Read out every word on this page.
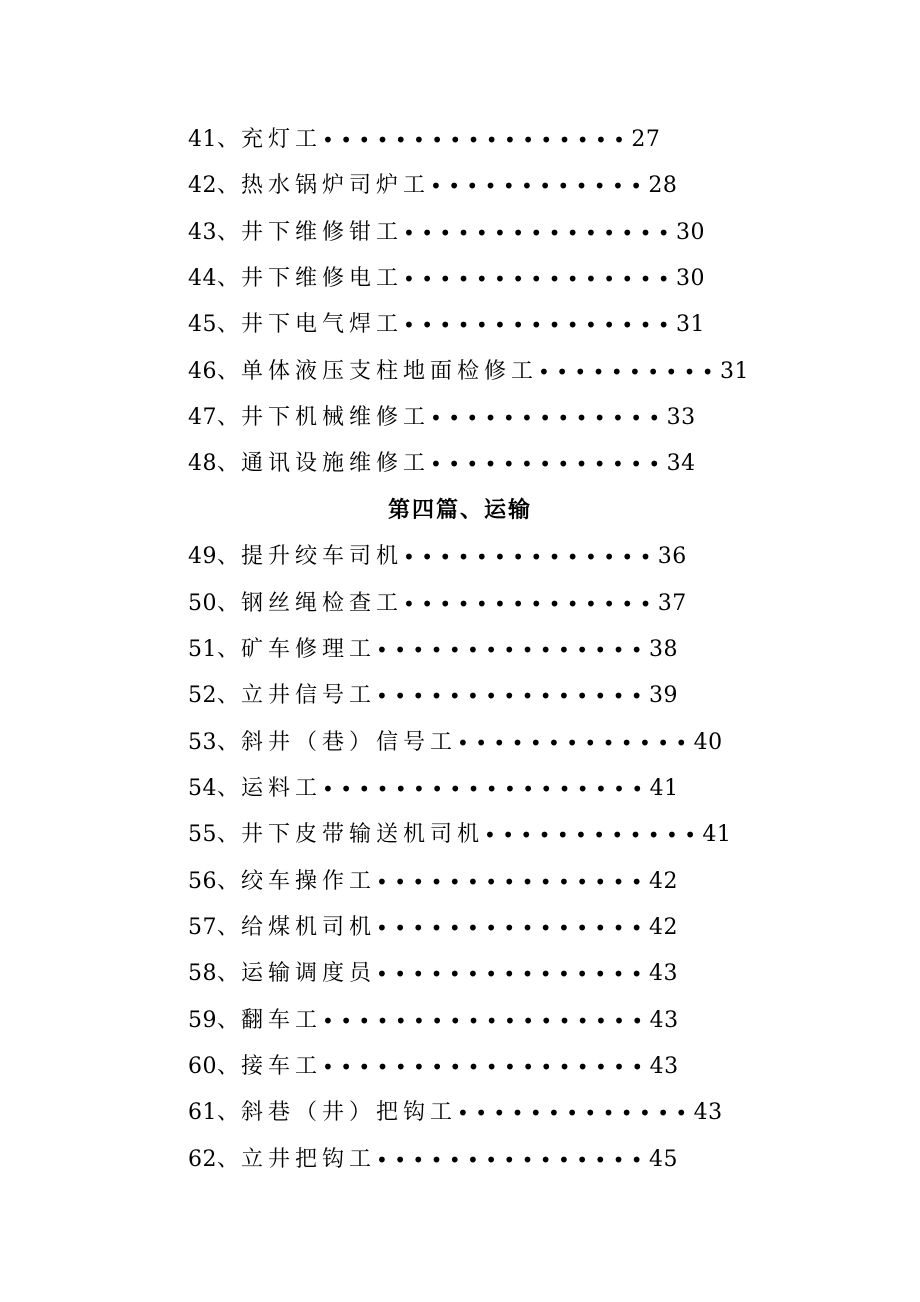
41、充灯工•••••••••••••••••27
42、热水锅炉司炉工••••••••••••28
43、井下维修钳工•••••••••••••••30
44、井下维修电工•••••••••••••••30
45、井下电气焊工•••••••••••••••31
46、单体液压支柱地面检修工••••••••••31
47、井下机械维修工•••••••••••••33
48、通讯设施维修工•••••••••••••34
第四篇、运输
49、提升绞车司机••••••••••••••36
50、钢丝绳检查工••••••••••••••37
51、矿车修理工•••••••••••••••38
52、立井信号工•••••••••••••••39
53、斜井（巷）信号工•••••••••••••40
54、运料工••••••••••••••••••41
55、井下皮带输送机司机••••••••••••41
56、绞车操作工•••••••••••••••42
57、给煤机司机•••••••••••••••42
58、运输调度员•••••••••••••••43
59、翻车工••••••••••••••••••43
60、接车工••••••••••••••••••43
61、斜巷（井）把钩工•••••••••••••43
62、立井把钩工•••••••••••••••45
